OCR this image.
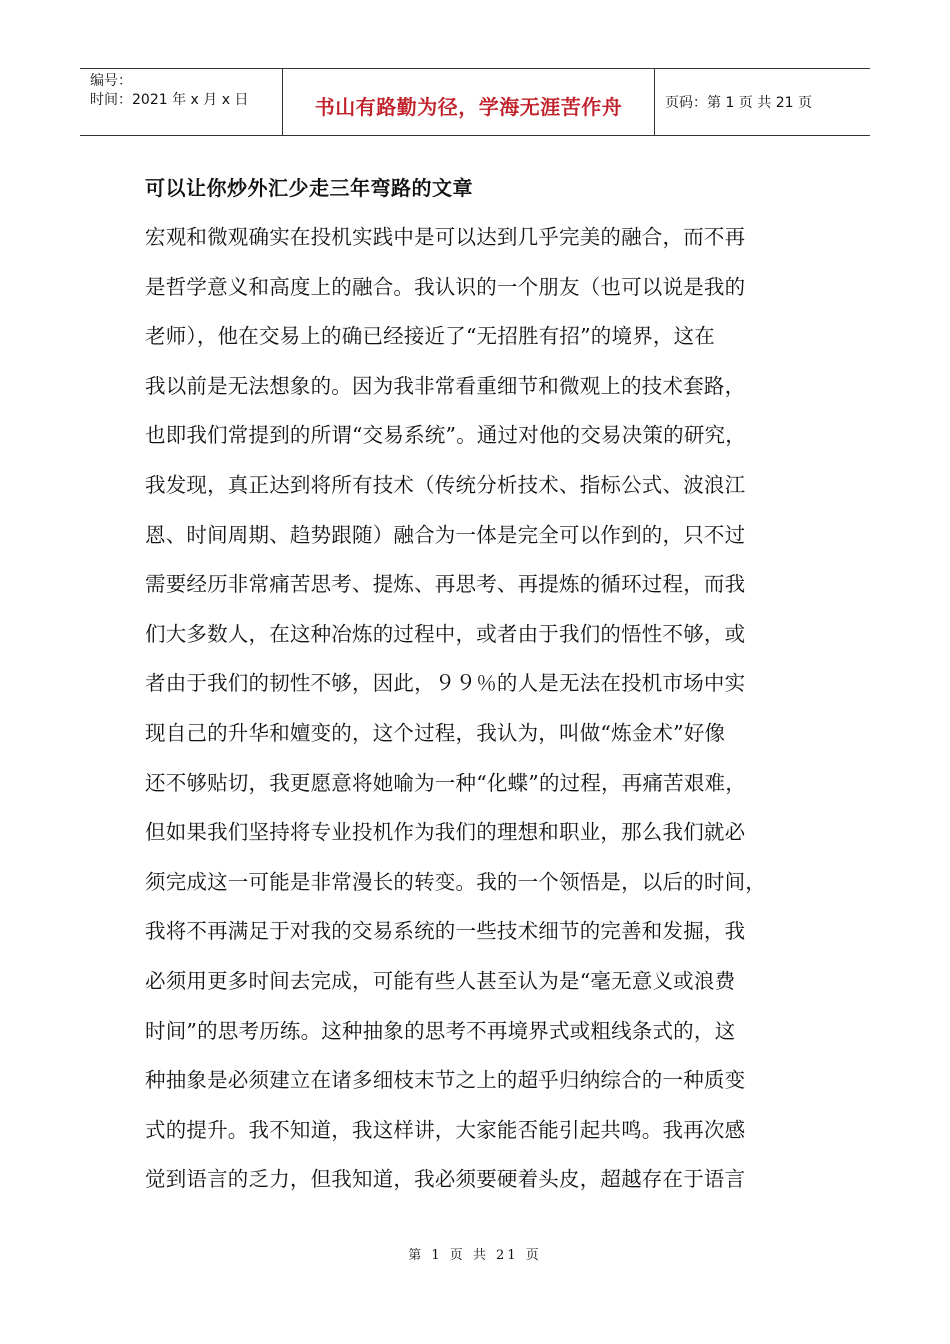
编号：
时间：2021 年 x 月 x 日	书山有路勤为径，学海无涯苦作舟	页码：第 1 页 共 21 页
可以让你炒外汇少走三年弯路的文章
宏观和微观确实在投机实践中是可以达到几乎完美的融合，而不再
是哲学意义和高度上的融合。我认识的一个朋友（也可以说是我的
老师），他在交易上的确已经接近了“无招胜有招”的境界，这在
我以前是无法想象的。因为我非常看重细节和微观上的技术套路，
也即我们常提到的所谓“交易系统”。通过对他的交易决策的研究，
我发现，真正达到将所有技术（传统分析技术、指标公式、波浪江
恩、时间周期、趋势跟随）融合为一体是完全可以作到的，只不过
需要经历非常痛苦思考、提炼、再思考、再提炼的循环过程，而我
们大多数人，在这种冶炼的过程中，或者由于我们的悟性不够，或
者由于我们的韧性不够，因此，９９％的人是无法在投机市场中实
现自己的升华和嬗变的，这个过程，我认为，叫做“炼金术”好像
还不够贴切，我更愿意将她喻为一种“化蝶”的过程，再痛苦艰难，
但如果我们坚持将专业投机作为我们的理想和职业，那么我们就必
须完成这一可能是非常漫长的转变。我的一个领悟是，以后的时间，
我将不再满足于对我的交易系统的一些技术细节的完善和发掘，我
必须用更多时间去完成，可能有些人甚至认为是“毫无意义或浪费
时间”的思考历练。这种抽象的思考不再境界式或粗线条式的，这
种抽象是必须建立在诸多细枝末节之上的超乎归纳综合的一种质变
式的提升。我不知道，我这样讲，大家能否能引起共鸣。我再次感
觉到语言的乏力，但我知道，我必须要硬着头皮，超越存在于语言
第 1 页 共 21 页
